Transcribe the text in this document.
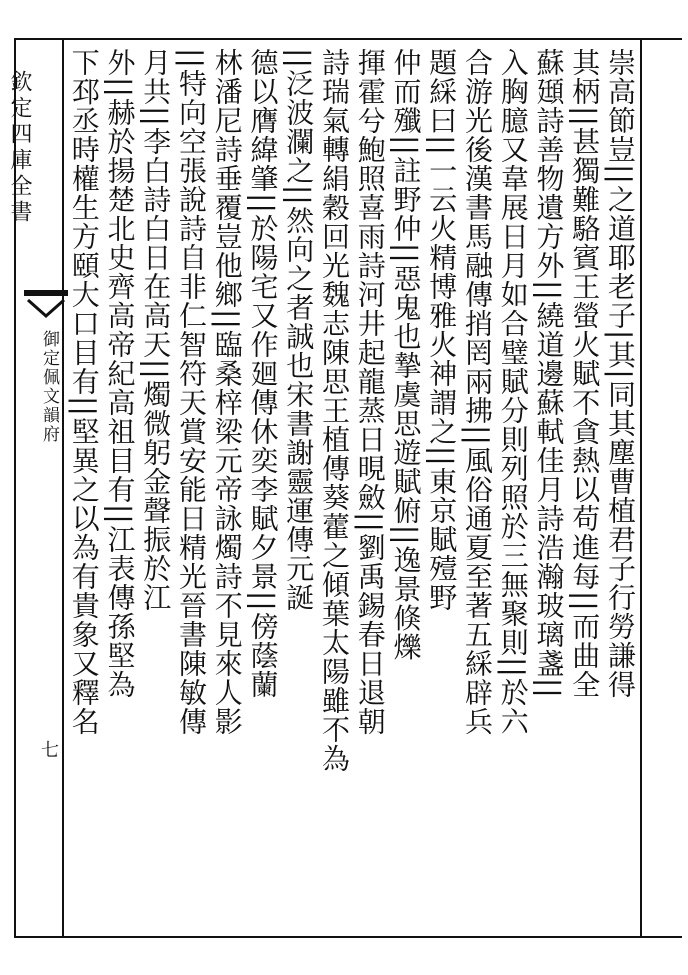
欽定四庫全書
御定佩文韻府
七
崇高節豈||之道耶老子|其|同其塵曹植君子行勞謙得
其柄||甚獨難駱賓王螢火賦不貪熱以苟進每||而曲全
蘇頲詩善物遺方外||繞道邊蘇軾佳月詩浩瀚玻璃盞||
入胸臆又韋展日月如合璧賦分則列照於三無聚則||於六
合游光後漢書馬融傳捎罔兩拂||風俗通夏至著五綵辟兵
題綵曰||一云火精博雅火神謂之||東京賦殪野
仲而殲||註野仲||惡鬼也摯虞思遊賦俯||逸景倏爍
揮霍兮鮑照喜雨詩河井起龍蒸日晛斂||劉禹錫春日退朝
詩瑞氣轉絹穀回光魏志陳思王植傳葵藿之傾葉太陽雖不為
||泛波瀾之||然向之者誠也宋書謝靈運傳元誕
德以膺緯肇||於陽宅又作廻傳休奕李賦夕景||傍蔭蘭
林潘尼詩垂覆豈他鄉||臨桑梓梁元帝詠燭詩不見來人影
||特向空張說詩自非仁智符天賞安能日精光晉書陳敏傳
月共||李白詩白日在高天||燭微躬金聲振於江
外||赫於揚楚北史齊高帝紀高祖目有||江表傳孫堅為
下邳丞時權生方頤大口目有||堅異之以為有貴象又釋名
